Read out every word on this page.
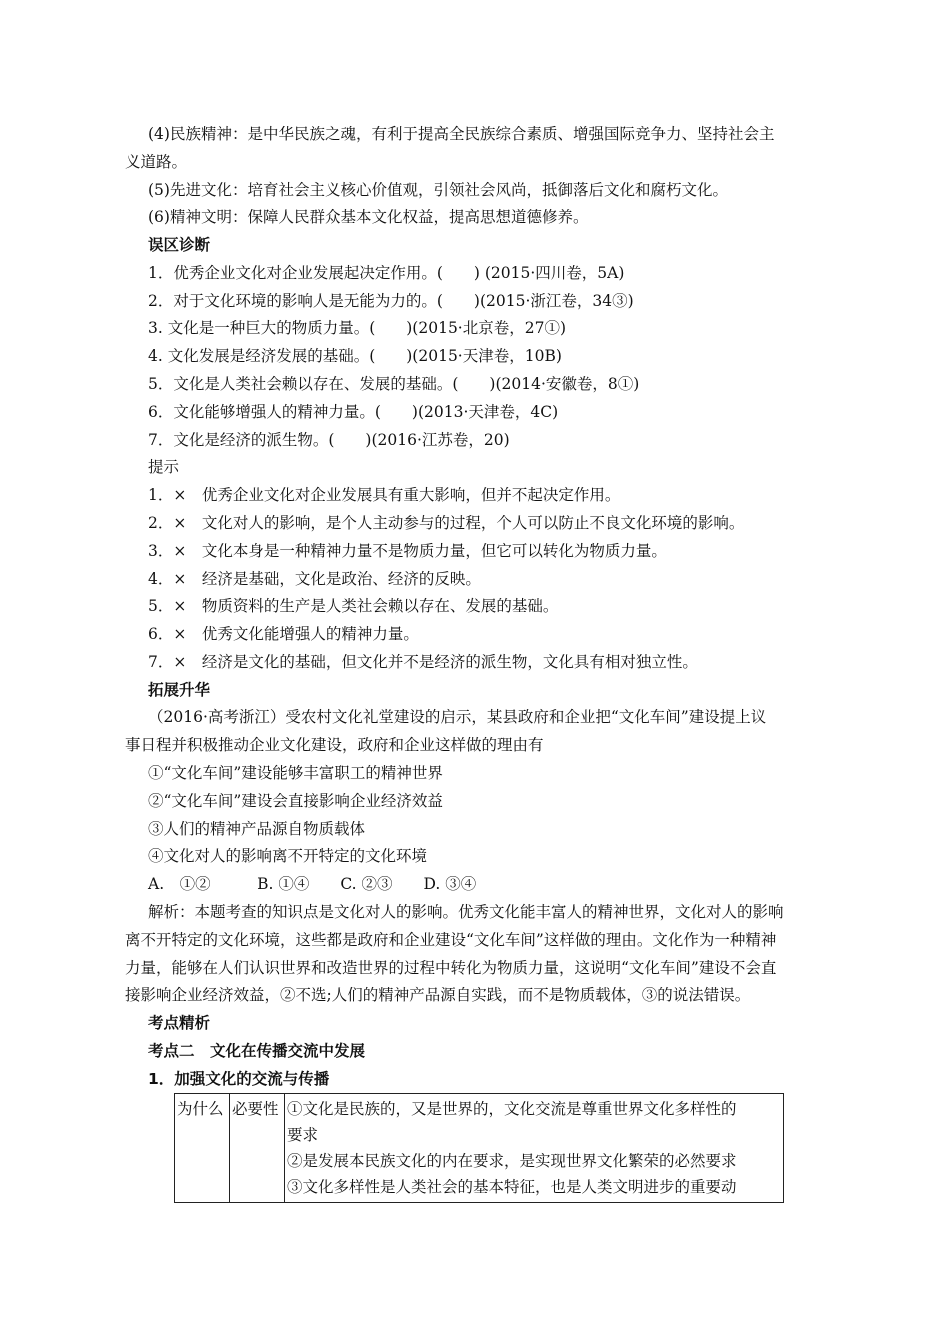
(4)民族精神：是中华民族之魂，有利于提高全民族综合素质、增强国际竞争力、坚持社会主
义道路。
(5)先进文化：培育社会主义核心价值观，引领社会风尚，抵御落后文化和腐朽文化。
(6)精神文明：保障人民群众基本文化权益，提高思想道德修养。
误区诊断
1．优秀企业文化对企业发展起决定作用。(　　) (2015·四川卷，5A)
2．对于文化环境的影响人是无能为力的。(　　)(2015·浙江卷，34③)
3. 文化是一种巨大的物质力量。(　　)(2015·北京卷，27①)
4. 文化发展是经济发展的基础。(　　)(2015·天津卷，10B)
5．文化是人类社会赖以存在、发展的基础。(　　)(2014·安徽卷，8①)
6．文化能够增强人的精神力量。(　　)(2013·天津卷，4C)
7．文化是经济的派生物。(　　)(2016·江苏卷，20)
提示
1．×　优秀企业文化对企业发展具有重大影响，但并不起决定作用。
2．×　文化对人的影响，是个人主动参与的过程，个人可以防止不良文化环境的影响。
3．×　文化本身是一种精神力量不是物质力量，但它可以转化为物质力量。
4．×　经济是基础，文化是政治、经济的反映。
5．×　物质资料的生产是人类社会赖以存在、发展的基础。
6．×　优秀文化能增强人的精神力量。
7．×　经济是文化的基础，但文化并不是经济的派生物，文化具有相对独立性。
拓展升华
（2016·高考浙江）受农村文化礼堂建设的启示，某县政府和企业把“文化车间”建设提上议
事日程并积极推动企业文化建设，政府和企业这样做的理由有
①“文化车间”建设能够丰富职工的精神世界
②“文化车间”建设会直接影响企业经济效益
③人们的精神产品源自物质载体
④文化对人的影响离不开特定的文化环境
A.　①②　　　B. ①④　　C. ②③　　D. ③④
解析：本题考查的知识点是文化对人的影响。优秀文化能丰富人的精神世界，文化对人的影响
离不开特定的文化环境，这些都是政府和企业建设“文化车间”这样做的理由。文化作为一种精神
力量，能够在人们认识世界和改造世界的过程中转化为物质力量，这说明“文化车间”建设不会直
接影响企业经济效益，②不选;人们的精神产品源自实践，而不是物质载体，③的说法错误。
考点精析
考点二　文化在传播交流中发展
1．加强文化的交流与传播
为什么	必要性	①文化是民族的，又是世界的，文化交流是尊重世界文化多样性的
要求
②是发展本民族文化的内在要求，是实现世界文化繁荣的必然要求
③文化多样性是人类社会的基本特征，也是人类文明进步的重要动
